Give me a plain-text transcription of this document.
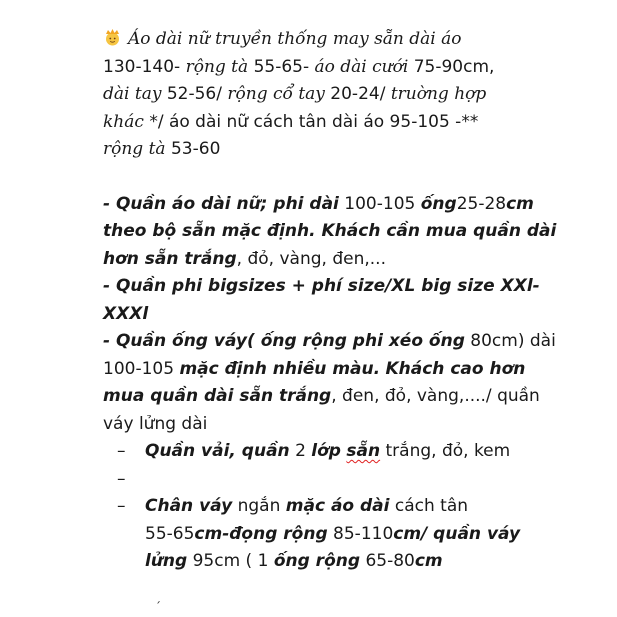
Áo dài nữ truyền thống may sẵn dài áo
130-140- rộng tà 55-65- áo dài cưới 75-90cm,
dài tay 52-56/ rộng cổ tay 20-24/ truờng hợp
khác */ áo dài nữ cách tân dài áo 95-105 -**
rộng tà 53-60
- Quần áo dài nữ; phi dài 100-105 ống25-28cm
theo bộ sẵn mặc định. Khách cần mua quần dài
hơn sẵn trắng, đỏ, vàng, đen,...
- Quần phi bigsizes + phí size/XL big size XXl-
XXXl
- Quần ống váy( ống rộng phi xéo ống 80cm) dài
100-105 mặc định nhiều màu. Khách cao hơn
mua quần dài sẵn trắng, đen, đỏ, vàng,..../ quần
váy lửng dài
– Quần vải, quần 2 lớp sẵn trắng, đỏ, kem
–
– Chân váy ngắn mặc áo dài cách tân
55-65cm-đọng rộng 85-110cm/ quần váy
lửng 95cm ( 1 ống rộng 65-80cm
´
